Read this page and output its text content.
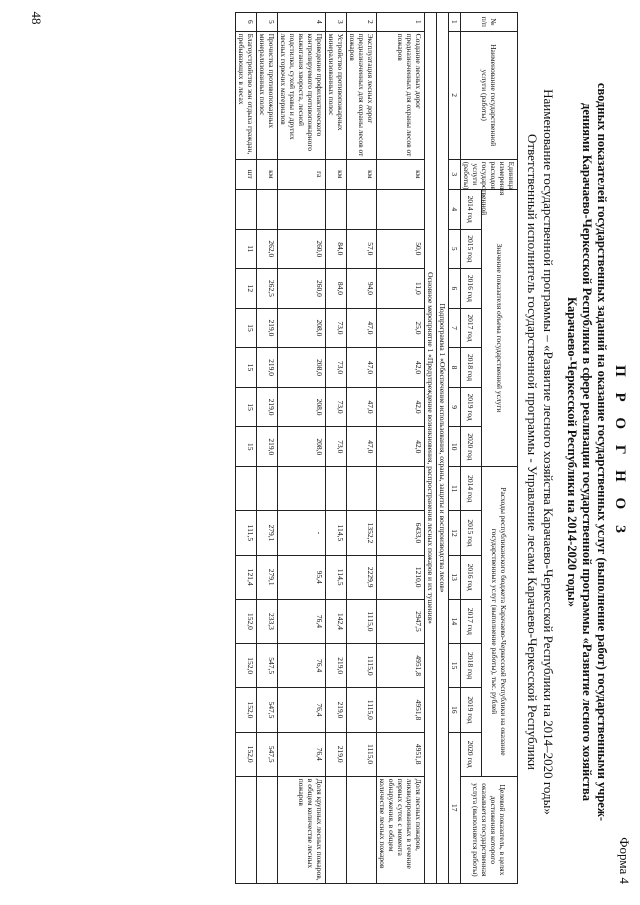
48
Форма 4
П Р О Г Н О З
сводных показателей государственных заданий на оказание государственных услуг (выполнение работ) государственными учреж-
дениями Карачаево-Черкесской Республики в сфере реализации государственной программы «Развитие лесного хозяйства
Карачаево-Черкесской Республики на 2014-2020 годы»
Наименование государственной программы – «Развитие лесного хозяйства Карачаево-Черкесской Республики на 2014–2020 годы»
Ответственный исполнитель государственной программы - Управление лесами Карачаево-Черкесской Республики
№ п/п	Наименование государственной услуги (работы)	Единица измерения расходов государственной услуги (работы)	Значение показателя объема государственной услуги							Расходы республиканского бюджета Карачаево-Черкесской Республики на оказание государственных услуг (выполнение работы), тыс. рублей							Целевой показатель, в целях достижения которого оказывается государственная услуга (выполняется работы)
			2014 год	2015 год	2016 год	2017 год	2018 год	2019 год	2020 год	2014 год	2015 год	2016 год	2017 год	2018 год	2019 год	2020 год	
1	2	3	4	5	6	7	8	9	10	11	12	13	14	15	16	17	
Подпрограмма 1 «Обеспечение использования, охраны, защиты и воспроизводства лесов»																	
Основное мероприятие 1 «Предупреждение возникновения, распространения лесных пожаров и их тушения»																	
1	Создание лесных дорог предназначенных для охраны лесов от пожаров	км		50,0	11,0	25,0	42,0	42,0	42,0		6433,0	1210,0	2947,5	4951,8	4951,8	4951,8	Доля лесных пожаров, ликвидированных в течение первых суток с момента обнаружения, в общем количестве лесных пожаров
2	Эксплуатация лесных дорог предназначенных для охраны лесов от пожаров	км		57,0	94,0	47,0	47,0	47,0	47,0		1352,2	2229,9	1115,0	1115,0	1115,0	1115,0	
3	Устройство противопожарных минерализованных полос	км		84,0	84,0	73,0	73,0	73,0	73,0		114,5	114,5	142,4	219,0	219,0	219,0	
4	Проведение профилактического контролируемого противопожарного выжигания хвороста, лесной подстилки, сухой травы и других лесных горючих материалов	га		260,0	260,0	208,0	208,0	208,0	208,0		-	95,4	76,4	76,4	76,4	76,4	Доля крупных лесных пожаров, в общем количестве лесных пожаров
5	Прочистка противопожарных минерализованных полос	км		262,0	262,5	219,0	219,0	219,0	219,0		279,1	279,1	233,3	547,5	547,5	547,5	
6	Благоустройство зон отдыха граждан, пребывающих в лесах	шт		11	12	15	15	15	15		111,5	121,4	152,0	152,0	152,0	152,0	
